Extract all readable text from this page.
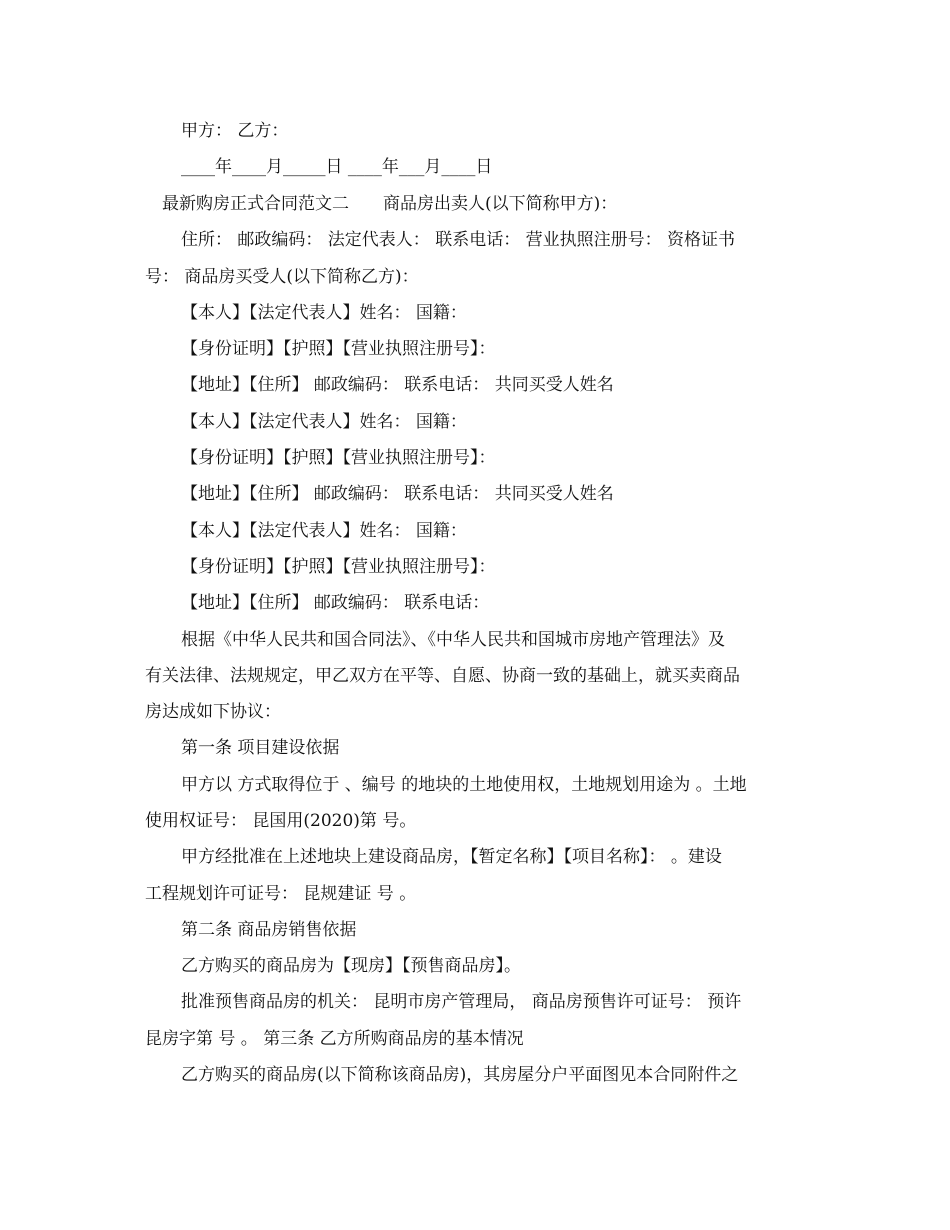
甲方： 乙方：
____年____月_____日 ____年___月____日
最新购房正式合同范文二　　商品房出卖人(以下简称甲方)：
住所： 邮政编码： 法定代表人： 联系电话： 营业执照注册号： 资格证书
号： 商品房买受人(以下简称乙方)：
【本人】【法定代表人】姓名： 国籍：
【身份证明】【护照】【营业执照注册号】：
【地址】【住所】 邮政编码： 联系电话： 共同买受人姓名
【本人】【法定代表人】姓名： 国籍：
【身份证明】【护照】【营业执照注册号】：
【地址】【住所】 邮政编码： 联系电话： 共同买受人姓名
【本人】【法定代表人】姓名： 国籍：
【身份证明】【护照】【营业执照注册号】：
【地址】【住所】 邮政编码： 联系电话：
根据《中华人民共和国合同法》、《中华人民共和国城市房地产管理法》及
有关法律、法规规定，甲乙双方在平等、自愿、协商一致的基础上，就买卖商品
房达成如下协议：
第一条 项目建设依据
甲方以 方式取得位于 、编号 的地块的土地使用权，土地规划用途为 。土地
使用权证号： 昆国用(2020)第 号。
甲方经批准在上述地块上建设商品房，【暂定名称】【项目名称】： 。建设
工程规划许可证号： 昆规建证 号 。
第二条 商品房销售依据
乙方购买的商品房为【现房】【预售商品房】。
批准预售商品房的机关： 昆明市房产管理局， 商品房预售许可证号： 预许
昆房字第 号 。 第三条 乙方所购商品房的基本情况
乙方购买的商品房(以下简称该商品房)，其房屋分户平面图见本合同附件之
